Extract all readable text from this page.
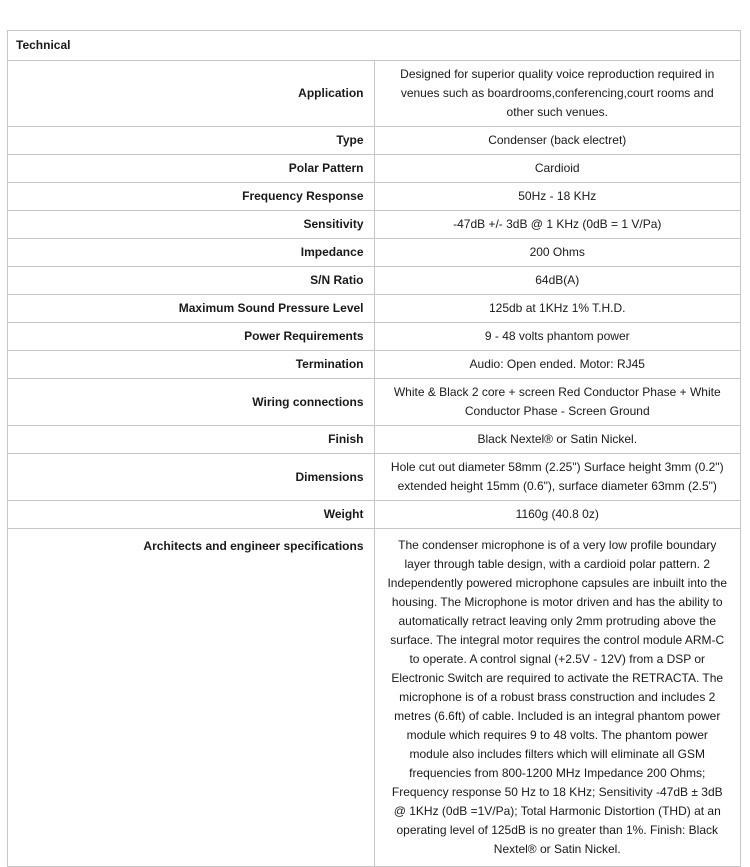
Technical	
Application	Designed for superior quality voice reproduction required in venues such as boardrooms,conferencing,court rooms and other such venues.
Type	Condenser (back electret)
Polar Pattern	Cardioid
Frequency Response	50Hz - 18 KHz
Sensitivity	-47dB +/- 3dB @ 1 KHz (0dB = 1 V/Pa)
Impedance	200 Ohms
S/N Ratio	64dB(A)
Maximum Sound Pressure Level	125db at 1KHz 1% T.H.D.
Power Requirements	9 - 48 volts phantom power
Termination	Audio: Open ended. Motor: RJ45
Wiring connections	White & Black 2 core + screen Red Conductor Phase + White Conductor Phase - Screen Ground
Finish	Black Nextel® or Satin Nickel.
Dimensions	Hole cut out diameter 58mm (2.25") Surface height 3mm (0.2") extended height 15mm (0.6"), surface diameter 63mm (2.5")
Weight	1160g (40.8 0z)
Architects and engineer specifications	The condenser microphone is of a very low profile boundary layer through table design, with a cardioid polar pattern. 2 Independently powered microphone capsules are inbuilt into the housing. The Microphone is motor driven and has the ability to automatically retract leaving only 2mm protruding above the surface. The integral motor requires the control module ARM-C to operate. A control signal (+2.5V - 12V) from a DSP or Electronic Switch are required to activate the RETRACTA. The microphone is of a robust brass construction and includes 2 metres (6.6ft) of cable. Included is an integral phantom power module which requires 9 to 48 volts. The phantom power module also includes filters which will eliminate all GSM frequencies from 800-1200 MHz Impedance 200 Ohms; Frequency response 50 Hz to 18 KHz; Sensitivity -47dB ± 3dB @ 1KHz (0dB =1V/Pa); Total Harmonic Distortion (THD) at an operating level of 125dB is no greater than 1%. Finish: Black Nextel® or Satin Nickel.
